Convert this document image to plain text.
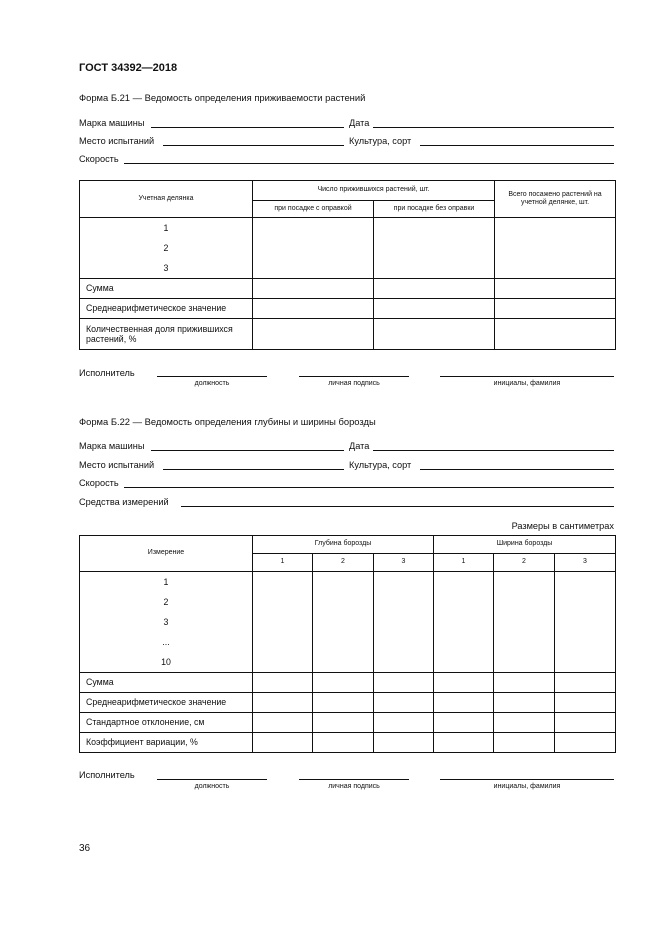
ГОСТ 34392—2018
Форма Б.21 — Ведомость определения приживаемости растений
Марка машины	Дата
Место испытаний	Культура, сорт
Скорость
Учетная делянка	Число прижившихся растений, шт.		Всего посажено растений на учетной делянке, шт.
	при посадке с оправкой	при посадке без оправки	

1
2
3			

Сумма			
Среднеарифметическое значение			
Количественная доля прижившихся растений, %			
Исполнитель
должность	личная подпись	инициалы, фамилия
Форма Б.22 — Ведомость определения глубины и ширины борозды
Марка машины	Дата
Место испытаний	Культура, сорт
Скорость
Средства измерений
Размеры в сантиметрах
Измерение	Глубина борозды			Ширина борозды		
	1	2	3	1	2	3

1
2
3
...
10						

Сумма						
Среднеарифметическое значение						
Стандартное отклонение, см						
Коэффициент вариации, %						
Исполнитель
должность	личная подпись	инициалы, фамилия
36
